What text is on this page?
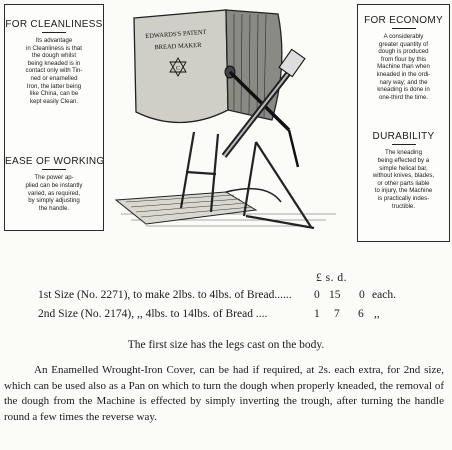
FOR CLEANLINESS

Its advantage
in Cleanliness is that
the dough whilst
being kneaded is in
contact only with Tin-
ned or enamelled
Iron, the latter being
like China, can be
kept easily Clean.

EASE OF WORKING

The power ap-
plied can be instantly
varied, as required,
by simply adjusting
the handle.

EDWARDS'S PATENT
BREAD MAKER
C

FOR ECONOMY

A considerably
greater quantity of
dough is produced
from flour by this
Machine than when
kneaded in the ordi-
nary way; and the
kneading is done in
one-third the time.

DURABILITY

The kneading
being effected by a
simple helical bar,
without knives, blades,
or other parts liable
to injury, the Machine
is practically indes-
tructible.

£ s. d.
1st Size (No. 2271), to make 2lbs. to 4lbs. of Bread...... 0 15 0 each.
2nd Size (No. 2174), ,, 4lbs. to 14lbs. of Bread ....	1 7 6 ,,
The first size has the legs cast on the body.
An Enamelled Wrought-Iron Cover, can be had if required, at 2s. each extra, for 2nd size, which can be used also as a Pan on which to turn the dough when properly kneaded, the removal of the dough from the Machine is effected by simply inverting the trough, after turning the handle round a few times the reverse way.
